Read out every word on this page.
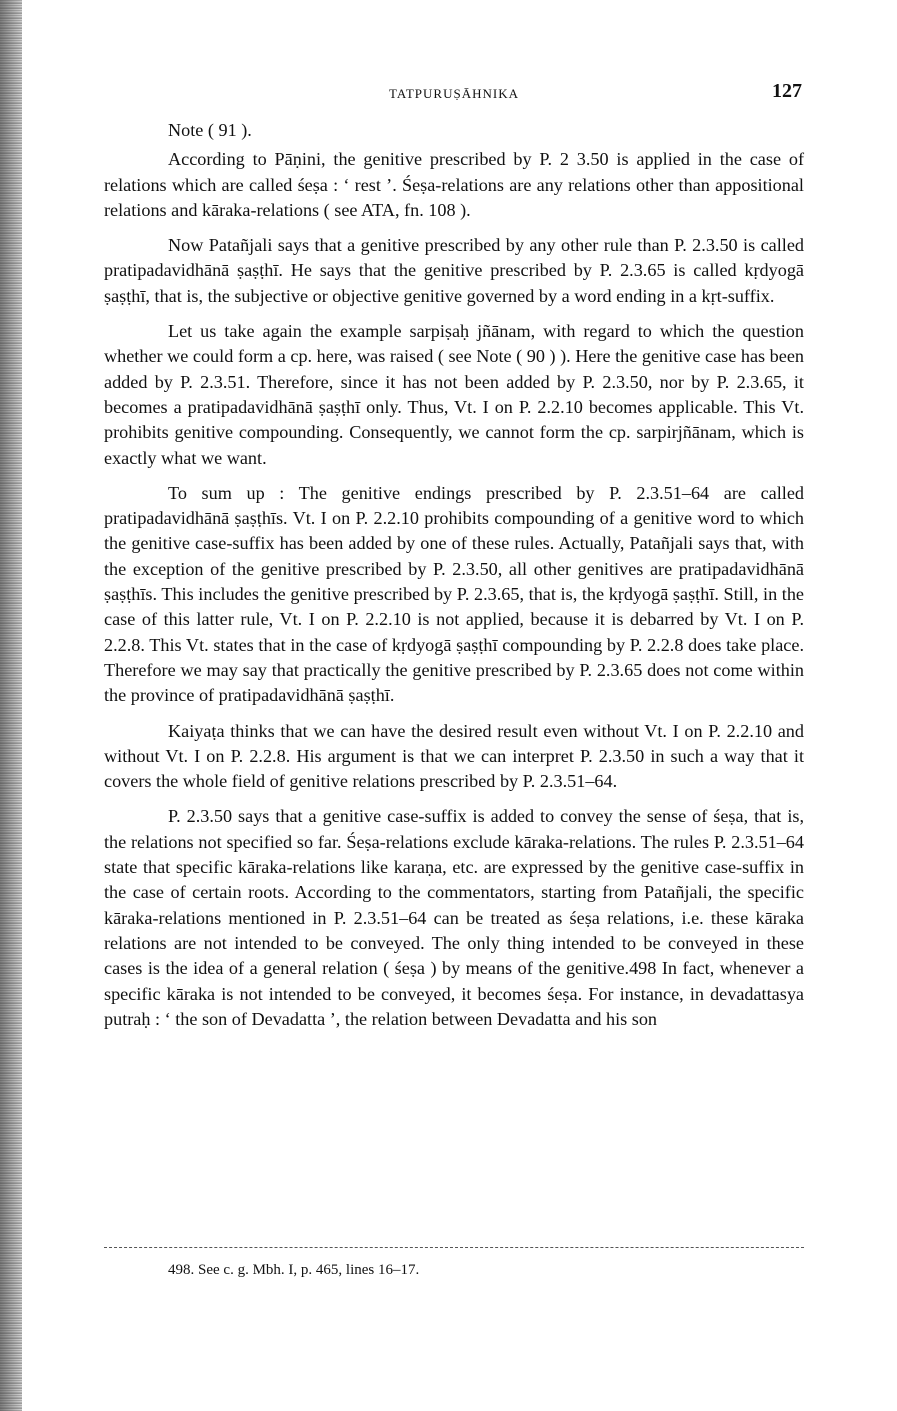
TATPURUṢĀHNIKA	127

Note ( 91 ).

According to Pāṇini, the genitive prescribed by P. 2 3.50 is applied in the case of relations which are called śeṣa : ‘ rest ’. Śeṣa-relations are any relations other than appositional relations and kāraka-relations ( see ATA, fn. 108 ).

Now Patañjali says that a genitive prescribed by any other rule than P. 2.3.50 is called pratipadavidhānā ṣaṣṭhī. He says that the genitive prescribed by P. 2.3.65 is called kṛdyogā ṣaṣṭhī, that is, the subjective or objective genitive governed by a word ending in a kṛt-suffix.

Let us take again the example sarpiṣaḥ jñānam, with regard to which the question whether we could form a cp. here, was raised ( see Note ( 90 ) ). Here the genitive case has been added by P. 2.3.51. Therefore, since it has not been added by P. 2.3.50, nor by P. 2.3.65, it becomes a pratipadavidhānā ṣaṣṭhī only. Thus, Vt. I on P. 2.2.10 becomes applicable. This Vt. prohibits genitive compounding. Consequently, we cannot form the cp. sarpirjñānam, which is exactly what we want.

To sum up : The genitive endings prescribed by P. 2.3.51–64 are called pratipadavidhānā ṣaṣṭhīs. Vt. I on P. 2.2.10 prohibits compounding of a genitive word to which the genitive case-suffix has been added by one of these rules. Actually, Patañjali says that, with the exception of the genitive prescribed by P. 2.3.50, all other genitives are pratipadavidhānā ṣaṣṭhīs. This includes the genitive prescribed by P. 2.3.65, that is, the kṛdyogā ṣaṣṭhī. Still, in the case of this latter rule, Vt. I on P. 2.2.10 is not applied, because it is debarred by Vt. I on P. 2.2.8. This Vt. states that in the case of kṛdyogā ṣaṣṭhī compounding by P. 2.2.8 does take place. Therefore we may say that practically the genitive prescribed by P. 2.3.65 does not come within the province of pratipadavidhānā ṣaṣṭhī.

Kaiyaṭa thinks that we can have the desired result even without Vt. I on P. 2.2.10 and without Vt. I on P. 2.2.8. His argument is that we can interpret P. 2.3.50 in such a way that it covers the whole field of genitive relations prescribed by P. 2.3.51–64.

P. 2.3.50 says that a genitive case-suffix is added to convey the sense of śeṣa, that is, the relations not specified so far. Śeṣa-relations exclude kāraka-relations. The rules P. 2.3.51–64 state that specific kāraka-relations like karaṇa, etc. are expressed by the genitive case-suffix in the case of certain roots. According to the commentators, starting from Patañjali, the specific kāraka-relations mentioned in P. 2.3.51–64 can be treated as śeṣa relations, i.e. these kāraka relations are not intended to be conveyed. The only thing intended to be conveyed in these cases is the idea of a general relation ( śeṣa ) by means of the genitive.498 In fact, whenever a specific kāraka is not intended to be conveyed, it becomes śeṣa. For instance, in devadattasya putraḥ : ‘ the son of Devadatta ’, the relation between Devadatta and his son

498. See c. g. Mbh. I, p. 465, lines 16–17.
